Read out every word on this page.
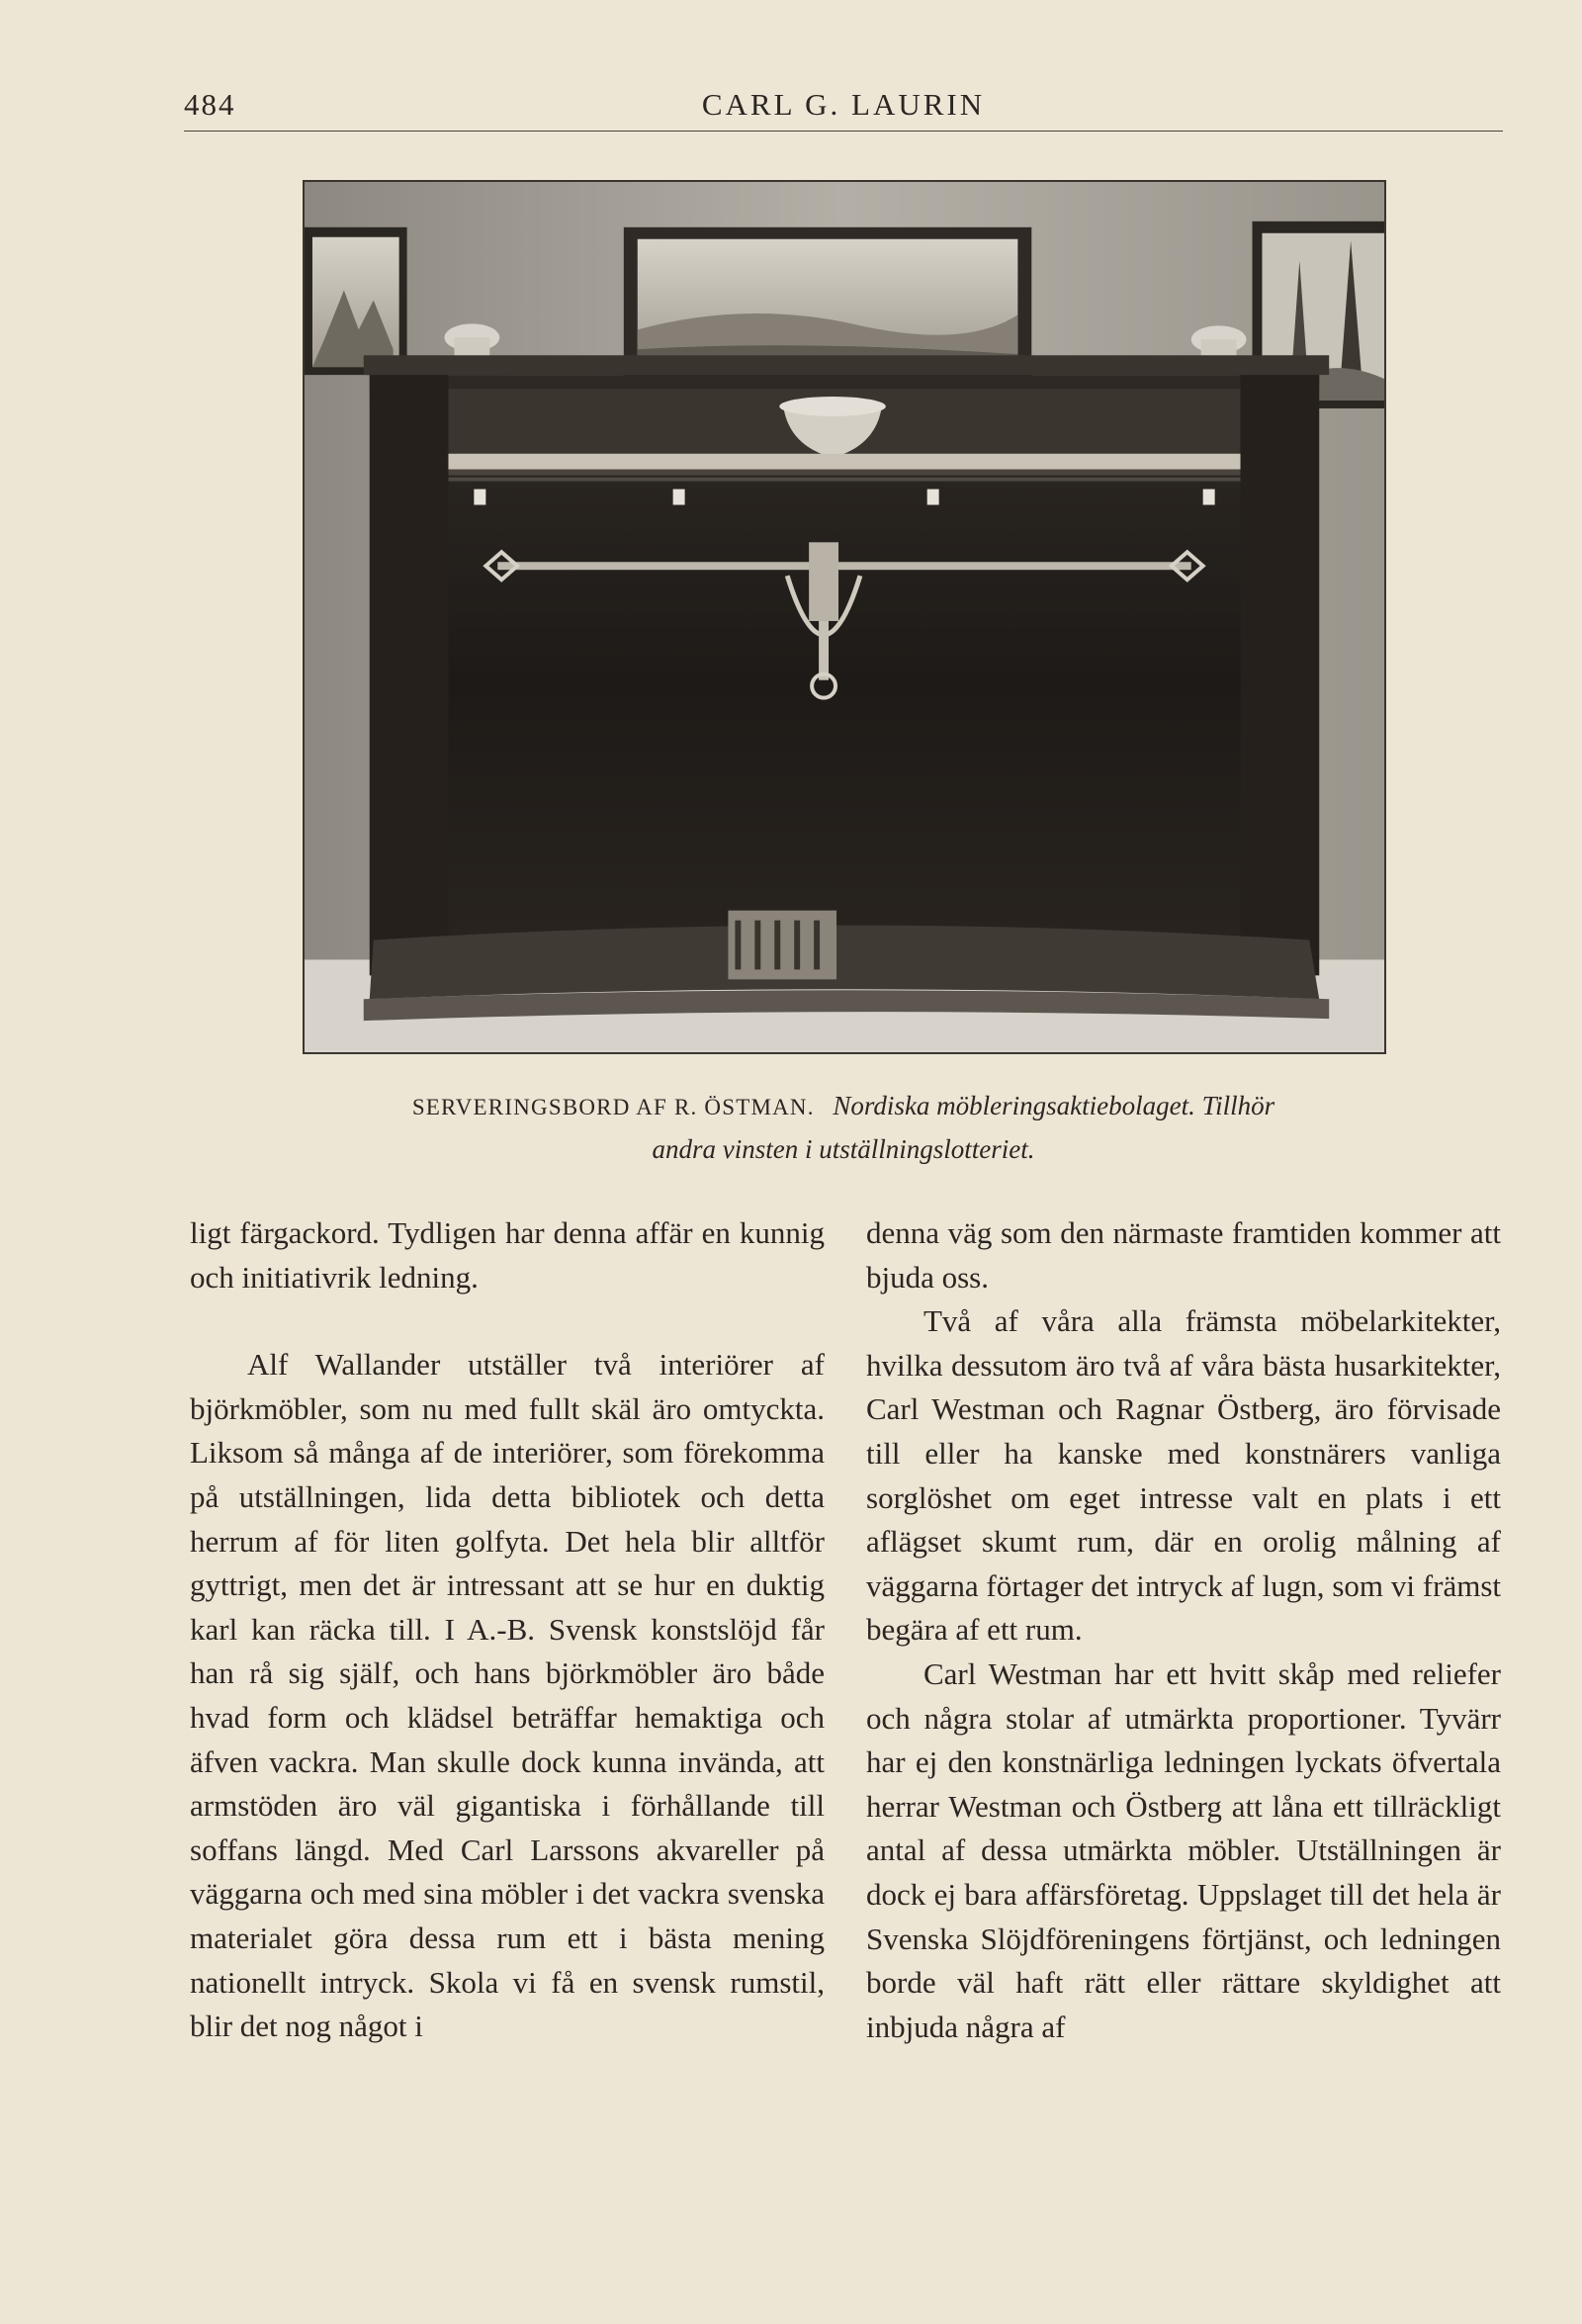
484	CARL G. LAURIN
G.&E.
SERVERINGSBORD AF R. ÖSTMAN. Nordiska möbleringsaktiebolaget. Tillhör
andra vinsten i utställningslotteriet.

ligt färgackord. Tydligen har denna affär en kunnig och initiativrik ledning.

Alf Wallander utställer två interiörer af björkmöbler, som nu med fullt skäl äro omtyckta. Liksom så många af de interiörer, som förekomma på utställningen, lida detta bibliotek och detta herrum af för liten golfyta. Det hela blir alltför gyttrigt, men det är intressant att se hur en duktig karl kan räcka till. I A.-B. Svensk konstslöjd får han rå sig själf, och hans björkmöbler äro både hvad form och klädsel beträffar hemaktiga och äfven vackra. Man skulle dock kunna invända, att armstöden äro väl gigantiska i förhållande till soffans längd. Med Carl Larssons akvareller på väggarna och med sina möbler i det vackra svenska materialet göra dessa rum ett i bästa mening nationellt intryck. Skola vi få en svensk rumstil, blir det nog något i

denna väg som den närmaste framtiden kommer att bjuda oss.

Två af våra alla främsta möbelarkitekter, hvilka dessutom äro två af våra bästa husarkitekter, Carl Westman och Ragnar Östberg, äro förvisade till eller ha kanske med konstnärers vanliga sorglöshet om eget intresse valt en plats i ett aflägset skumt rum, där en orolig målning af väggarna förtager det intryck af lugn, som vi främst begära af ett rum.

Carl Westman har ett hvitt skåp med reliefer och några stolar af utmärkta proportioner. Tyvärr har ej den konstnärliga ledningen lyckats öfvertala herrar Westman och Östberg att låna ett tillräckligt antal af dessa utmärkta möbler. Utställningen är dock ej bara affärsföretag. Uppslaget till det hela är Svenska Slöjdföreningens förtjänst, och ledningen borde väl haft rätt eller rättare skyldighet att inbjuda några af
